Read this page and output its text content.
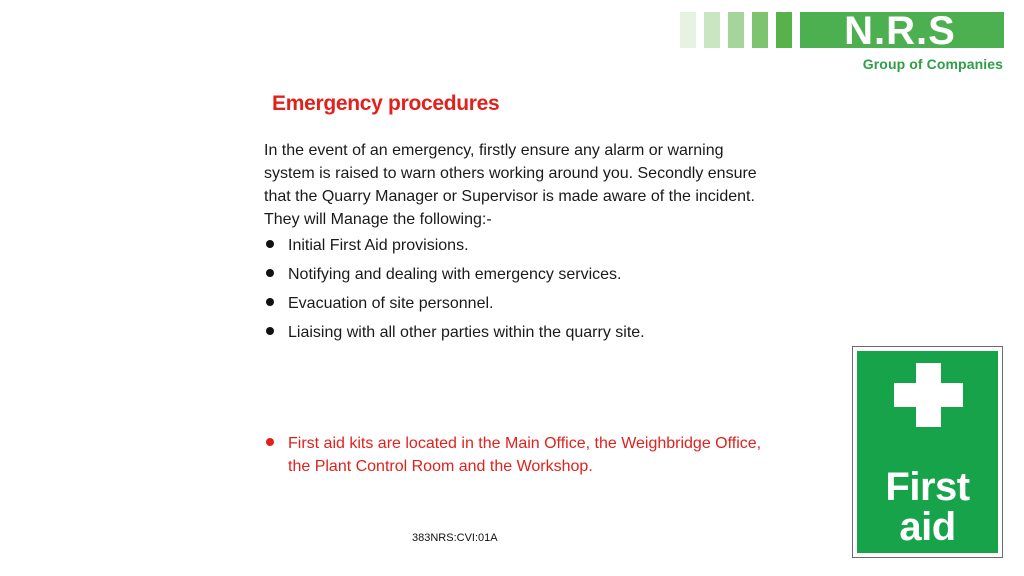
N.R.S
Group of Companies
Emergency procedures

In the event of an emergency, firstly ensure any alarm or warning system is raised to warn others working around you. Secondly ensure that the Quarry Manager or Supervisor is made aware of the incident.

They will Manage the following:-

Initial First Aid provisions.
Notifying and dealing with emergency services.
Evacuation of site personnel.
Liaising with all other parties within the quarry site.
First aid kits are located in the Main Office, the Weighbridge Office, the Plant Control Room and the Workshop.
383NRS:CVI:01A
First
aid
